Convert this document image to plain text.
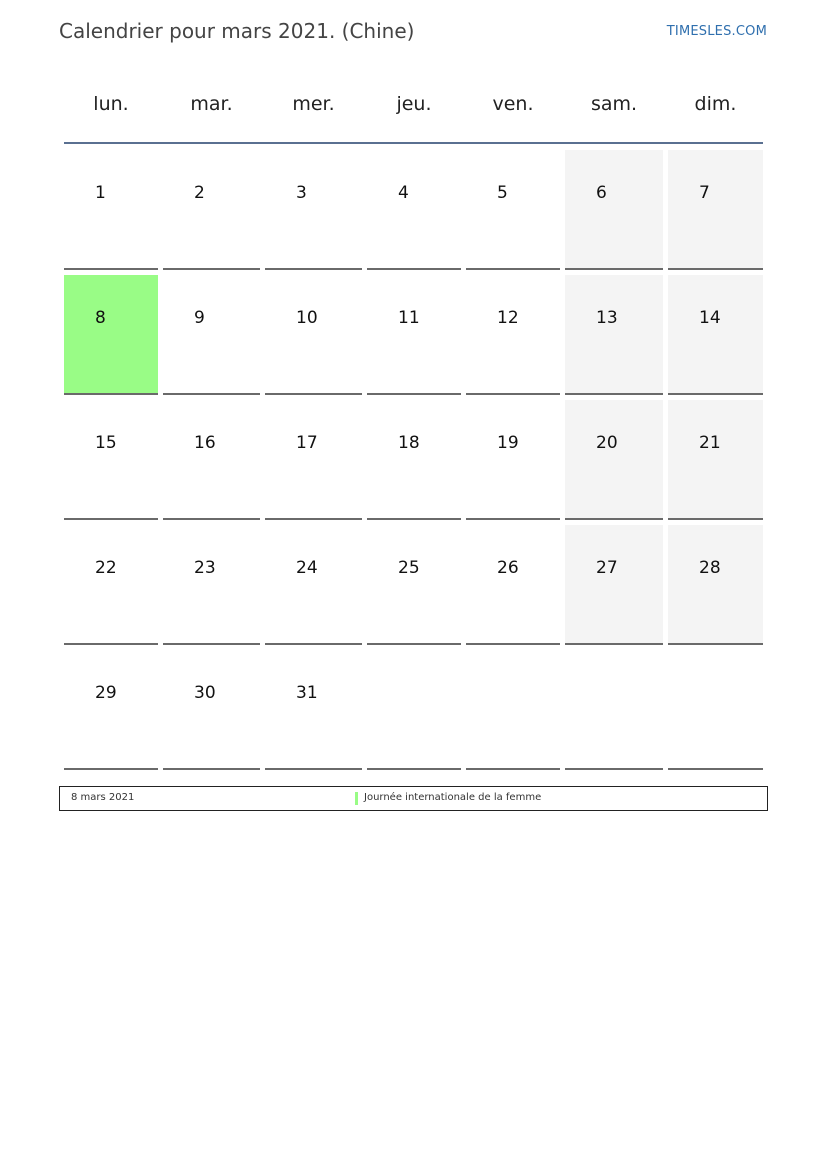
Calendrier pour mars 2021. (Chine)	TIMESLES.COM
lun.	mar.	mer.	jeu.	ven.	sam.	dim.
1	2	3	4	5	6	7
8	9	10	11	12	13	14
15	16	17	18	19	20	21
22	23	24	25	26	27	28
29	30	31
8 mars 2021	Journée internationale de la femme
